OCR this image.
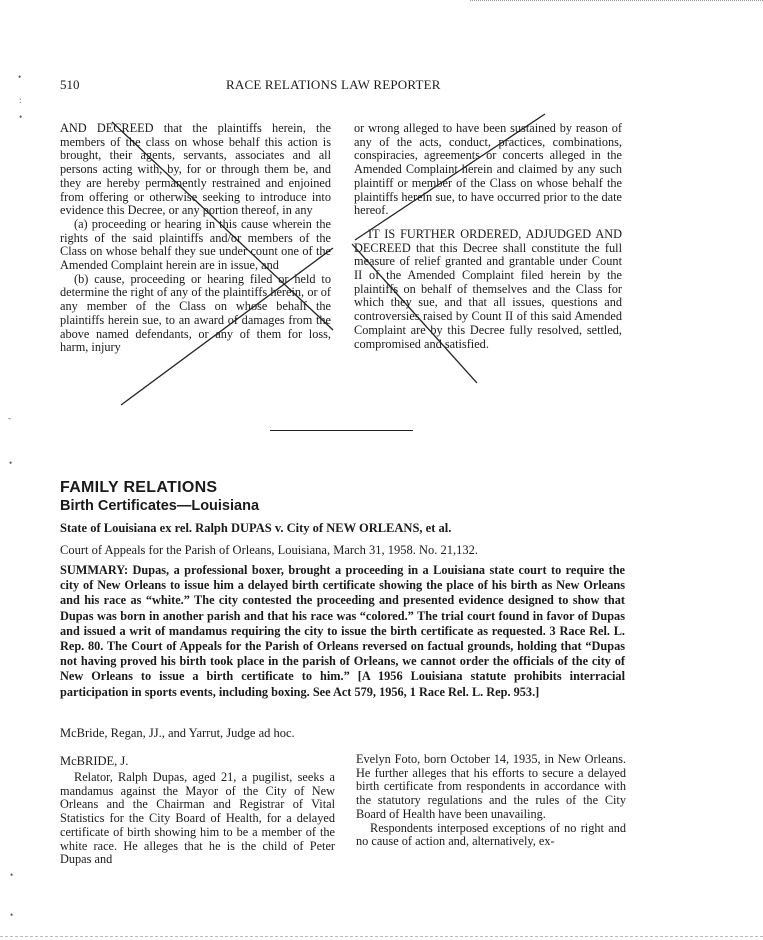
•
:
•
-
•
•
•
510	RACE RELATIONS LAW REPORTER

AND DECREED that the plaintiffs herein, the members of the class on whose behalf this action is brought, their agents, servants, associates and all persons acting with, by, for or through them be, and they are hereby permanently restrained and enjoined from offering or otherwise seeking to introduce into evidence this Decree, or any portion thereof, in any

(a) proceeding or hearing in this cause wherein the rights of the said plaintiffs and/or members of the Class on whose behalf they sue under count one of the Amended Complaint herein are in issue, and

(b) cause, proceeding or hearing filed or held to determine the right of any of the plaintiffs herein, or of any member of the Class on whose behalf the plaintiffs herein sue, to an award of damages from the above named defendants, or any of them for loss, harm, injury

or wrong alleged to have been sustained by reason of any of the acts, conduct, practices, combinations, conspiracies, agreements or concerts alleged in the Amended Complaint herein and claimed by any such plaintiff or member of the Class on whose behalf the plaintiffs herein sue, to have occurred prior to the date hereof.

IT IS FURTHER ORDERED, ADJUDGED AND DECREED that this Decree shall constitute the full measure of relief granted and grantable under Count II of the Amended Complaint filed herein by the plaintiffs on behalf of themselves and the Class for which they sue, and that all issues, questions and controversies raised by Count II of this said Amended Complaint are by this Decree fully resolved, settled, compromised and satisfied.

FAMILY RELATIONS
Birth Certificates—Louisiana
State of Louisiana ex rel. Ralph DUPAS v. City of NEW ORLEANS, et al.
Court of Appeals for the Parish of Orleans, Louisiana, March 31, 1958. No. 21,132.
SUMMARY: Dupas, a professional boxer, brought a proceeding in a Louisiana state court to require the city of New Orleans to issue him a delayed birth certificate showing the place of his birth as New Orleans and his race as “white.” The city contested the proceeding and presented evidence designed to show that Dupas was born in another parish and that his race was “colored.” The trial court found in favor of Dupas and issued a writ of mandamus requiring the city to issue the birth certificate as requested. 3 Race Rel. L. Rep. 80. The Court of Appeals for the Parish of Orleans reversed on factual grounds, holding that “Dupas not having proved his birth took place in the parish of Orleans, we cannot order the officials of the city of New Orleans to issue a birth certificate to him.” [A 1956 Louisiana statute prohibits interracial participation in sports events, including boxing. See Act 579, 1956, 1 Race Rel. L. Rep. 953.]
McBride, Regan, JJ., and Yarrut, Judge ad hoc.
McBRIDE, J.

Relator, Ralph Dupas, aged 21, a pugilist, seeks a mandamus against the Mayor of the City of New Orleans and the Chairman and Registrar of Vital Statistics for the City Board of Health, for a delayed certificate of birth showing him to be a member of the white race. He alleges that he is the child of Peter Dupas and

Evelyn Foto, born October 14, 1935, in New Orleans. He further alleges that his efforts to secure a delayed birth certificate from respondents in accordance with the statutory regulations and the rules of the City Board of Health have been unavailing.

Respondents interposed exceptions of no right and no cause of action and, alternatively, ex-
